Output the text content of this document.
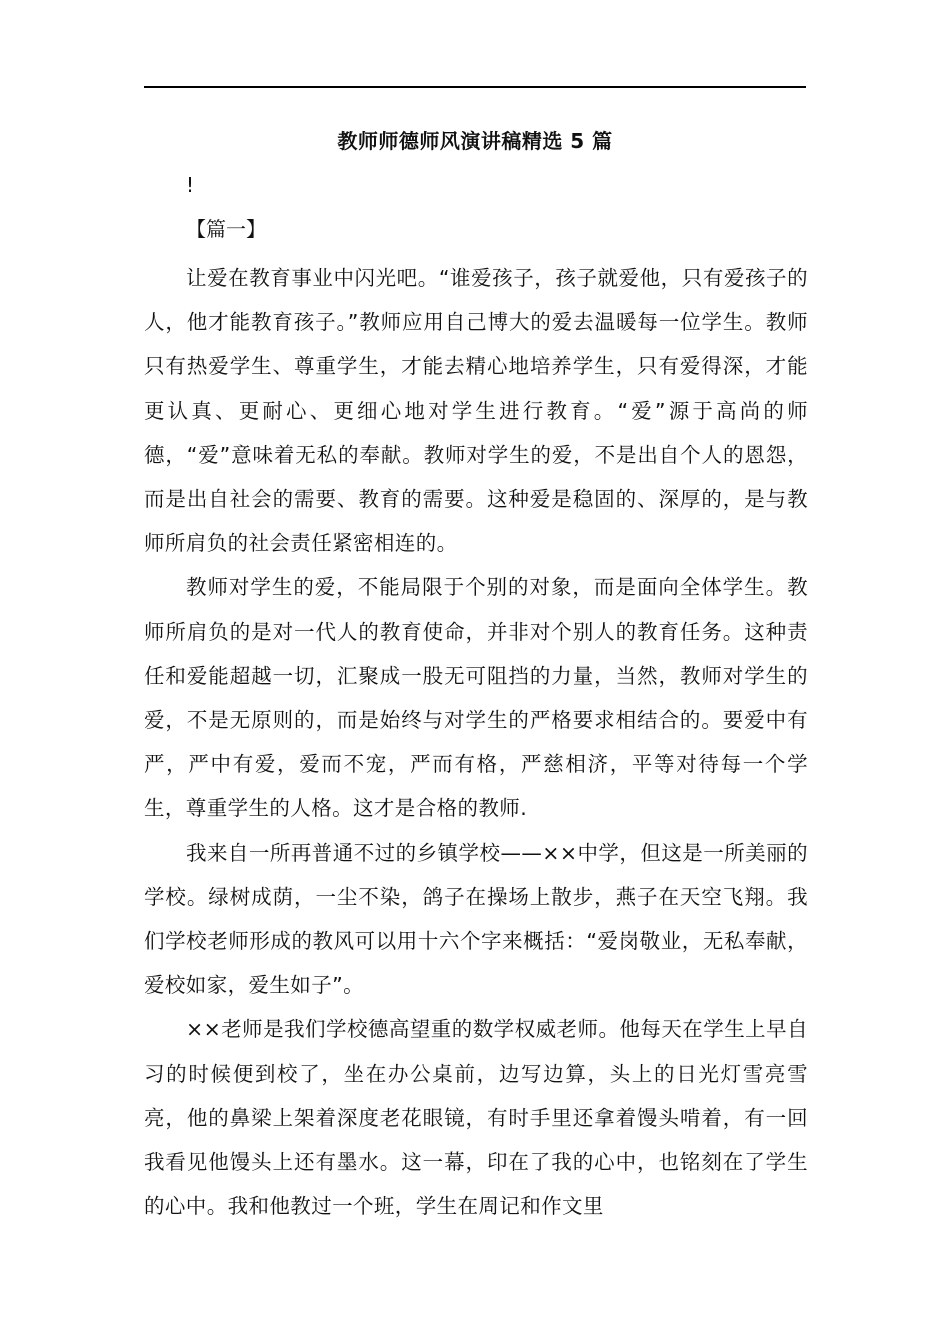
教师师德师风演讲稿精选 5 篇
!
【篇一】

让爱在教育事业中闪光吧。“谁爱孩子，孩子就爱他，只有爱孩子的人，他才能教育孩子。”教师应用自己博大的爱去温暖每一位学生。教师只有热爱学生、尊重学生，才能去精心地培养学生，只有爱得深，才能更认真、更耐心、更细心地对学生进行教育。“爱”源于高尚的师德，“爱”意味着无私的奉献。教师对学生的爱，不是出自个人的恩怨，而是出自社会的需要、教育的需要。这种爱是稳固的、深厚的，是与教师所肩负的社会责任紧密相连的。

教师对学生的爱，不能局限于个别的对象，而是面向全体学生。教师所肩负的是对一代人的教育使命，并非对个别人的教育任务。这种责任和爱能超越一切，汇聚成一股无可阻挡的力量，当然，教师对学生的爱，不是无原则的，而是始终与对学生的严格要求相结合的。要爱中有严，严中有爱，爱而不宠，严而有格，严慈相济，平等对待每一个学生，尊重学生的人格。这才是合格的教师.

我来自一所再普通不过的乡镇学校——××中学，但这是一所美丽的学校。绿树成荫，一尘不染，鸽子在操场上散步，燕子在天空飞翔。我们学校老师形成的教风可以用十六个字来概括：“爱岗敬业，无私奉献，爱校如家，爱生如子”。

××老师是我们学校德高望重的数学权威老师。他每天在学生上早自习的时候便到校了，坐在办公桌前，边写边算，头上的日光灯雪亮雪亮，他的鼻梁上架着深度老花眼镜，有时手里还拿着馒头啃着，有一回我看见他馒头上还有墨水。这一幕，印在了我的心中，也铭刻在了学生的心中。我和他教过一个班，学生在周记和作文里
